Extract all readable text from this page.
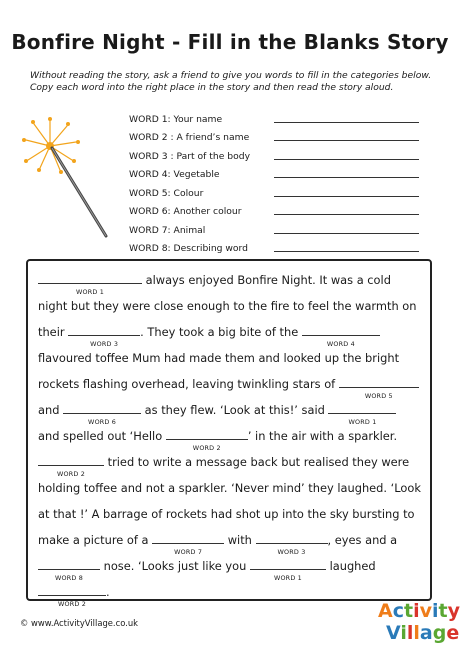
Bonfire Night - Fill in the Blanks Story
Without reading the story, ask a friend to give you words to fill in the categories below. Copy each word into the right place in the story and then read the story aloud.
WORD 1: Your name
WORD 2 : A friend’s name
WORD 3 : Part of the body
WORD 4: Vegetable
WORD 5: Colour
WORD 6: Another colour
WORD 7: Animal
WORD 8: Describing word
WORD 1
always enjoyed Bonfire Night. It was a cold
night but they were close enough to the fire to feel the warmth on
their
WORD 3
. They took a big bite of the
WORD 4
flavoured toffee Mum had made them and looked up the bright
rockets flashing overhead, leaving twinkling stars of
WORD 5
and
WORD 6
as they flew. ‘Look at this!’ said
WORD 1
and spelled out ‘Hello
WORD 2
’ in the air with a sparkler.
WORD 2
tried to write a message back but realised they were
holding toffee and not a sparkler. ‘Never mind’ they laughed. ‘Look
at that !’ A barrage of rockets had shot up into the sky bursting to
make a picture of a
WORD 7
with
WORD 3
, eyes and a
WORD 8
nose. ‘Looks just like you
WORD 1
laughed
WORD 2
.
© www.ActivityVillage.co.uk
Activity
Village
